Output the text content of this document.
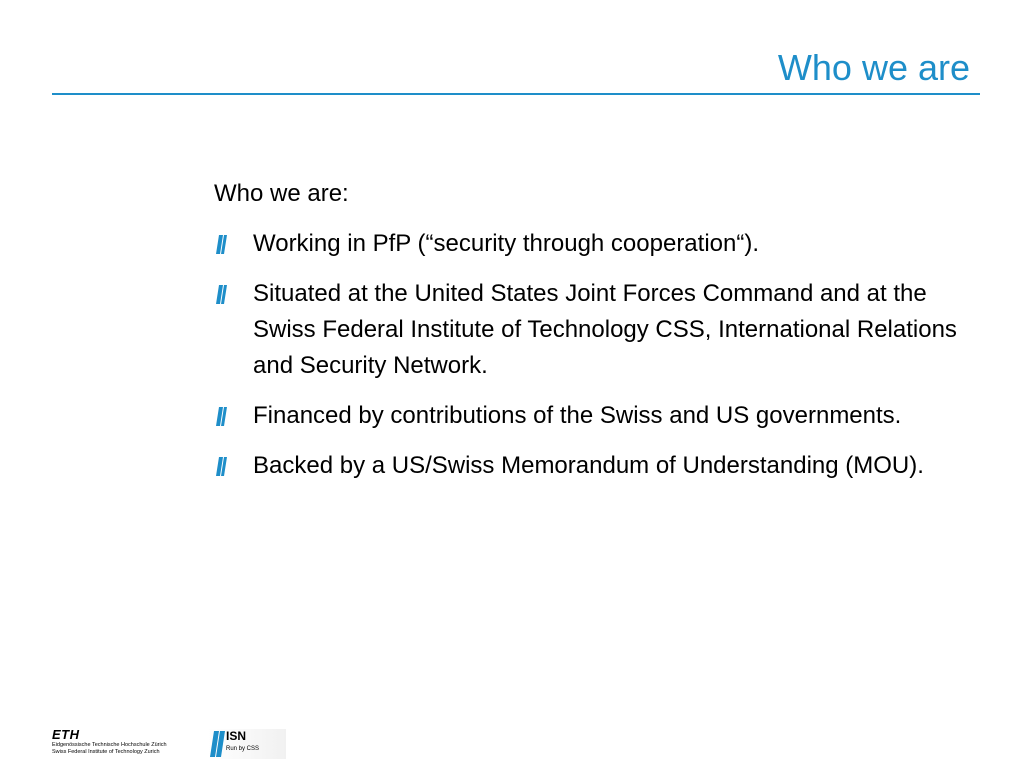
Who we are

Who we are:

Working in PfP (“security through cooperation“).
Situated at the United States Joint Forces Command and at the Swiss Federal Institute of Technology CSS, International Relations and Security Network.
Financed by contributions of the Swiss and US governments.
Backed by a US/Swiss Memorandum of Understanding (MOU).
ETH
Eidgenössische Technische Hochschule Zürich
Swiss Federal Institute of Technology Zurich
ISN
Run by CSS
